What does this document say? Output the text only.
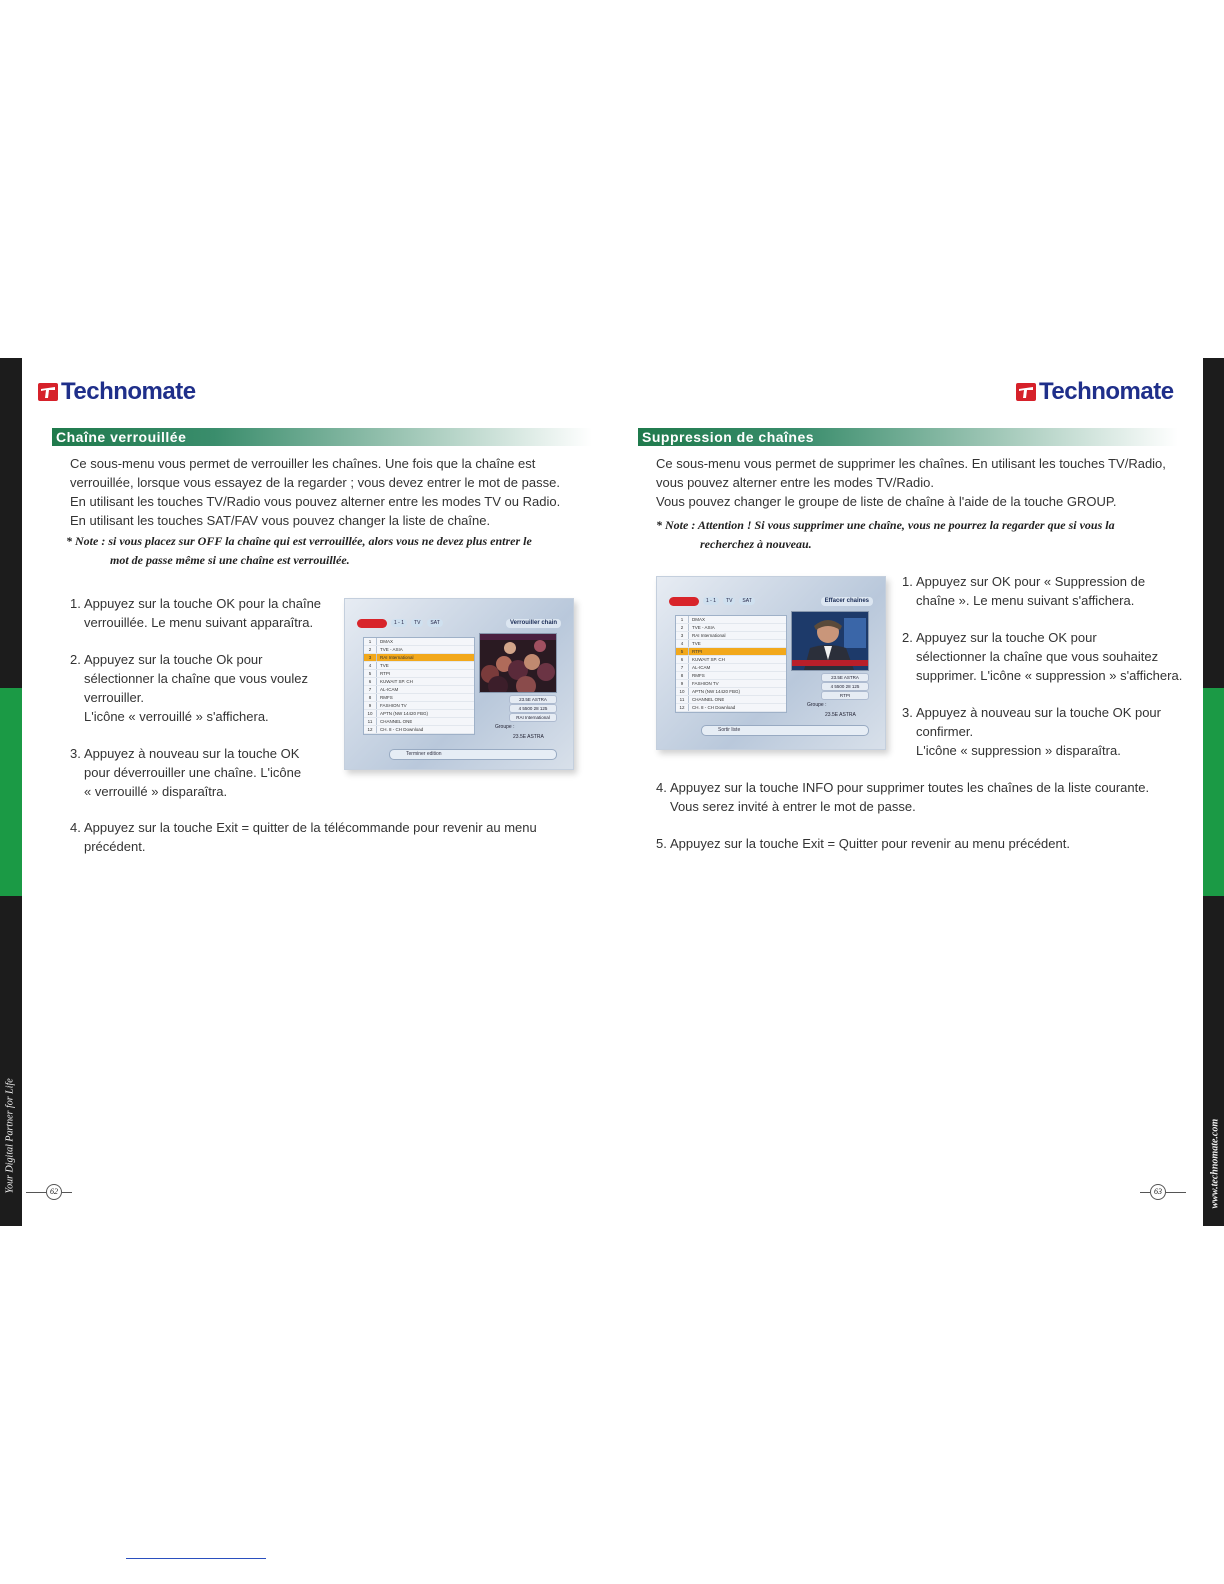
Your Digital Partner for Life	www.technomate.com
Technomate
Chaîne verrouillée
Ce sous-menu vous permet de verrouiller les chaînes. Une fois que la chaîne est
verrouillée, lorsque vous essayez de la regarder ; vous devez entrer le mot de passe.
En utilisant les touches TV/Radio vous pouvez alterner entre les modes TV ou Radio.
En utilisant les touches SAT/FAV vous pouvez changer la liste de chaîne.
* Note : si vous placez sur OFF la chaîne qui est verrouillée, alors vous ne devez plus entrer le
mot de passe même si une chaîne est verrouillée.
1. Appuyez sur la touche OK pour la chaîne
verrouillée. Le menu suivant apparaîtra.
2. Appuyez sur la touche Ok pour
sélectionner la chaîne que vous voulez
verrouiller.
L'icône « verrouillé » s'affichera.
3. Appuyez à nouveau sur la touche OK
pour déverrouiller une chaîne. L'icône
« verrouillé » disparaîtra.
4. Appuyez sur la touche Exit = quitter de la télécommande pour revenir au menu
précédent.
1 - 1	TV	SAT	Verrouiller chain
1	DMAX
2	TVE - ASIA
3	RAI International
4	TVE
5	RTPI
6	KUWAIT SP. CH
7	AL-ICAM
8	RMFS
9	FASHION TV
10	APTN (NW 14420 FBG)
11	CHANNEL ONE
12	CH. 8 - CH Download
23.5E ASTRA
4 5500 28 125
RAI International
Groupe :
23.5E ASTRA
Terminer edition
62
Technomate
Suppression de chaînes
Ce sous-menu vous permet de supprimer les chaînes. En utilisant les touches TV/Radio,
vous pouvez alterner entre les modes TV/Radio.
Vous pouvez changer le groupe de liste de chaîne à l'aide de la touche GROUP.
* Note : Attention ! Si vous supprimer une chaîne, vous ne pourrez la regarder que si vous la
recherchez à nouveau.
1 - 1	TV	SAT	Effacer chaînes
1	DMAX
2	TVE - ASIA
3	RAI International
4	TVE
5	RTPI
6	KUWAIT SP. CH
7	AL-ICAM
8	RMFS
9	FASHION TV
10	APTN (NW 14420 FBG)
11	CHANNEL ONE
12	CH. 8 - CH Download
23.5E ASTRA
4 5500 28 125
RTPI
Groupe :
23.5E ASTRA
Sortir liste
1. Appuyez sur OK pour « Suppression de
chaîne ». Le menu suivant s'affichera.
2. Appuyez sur la touche OK pour
sélectionner la chaîne que vous souhaitez
supprimer. L'icône « suppression » s'affichera.
3. Appuyez à nouveau sur la touche OK pour
confirmer.
L'icône « suppression » disparaîtra.
4. Appuyez sur la touche INFO pour supprimer toutes les chaînes de la liste courante.
Vous serez invité à entrer le mot de passe.
5. Appuyez sur la touche Exit = Quitter pour revenir au menu précédent.
63
